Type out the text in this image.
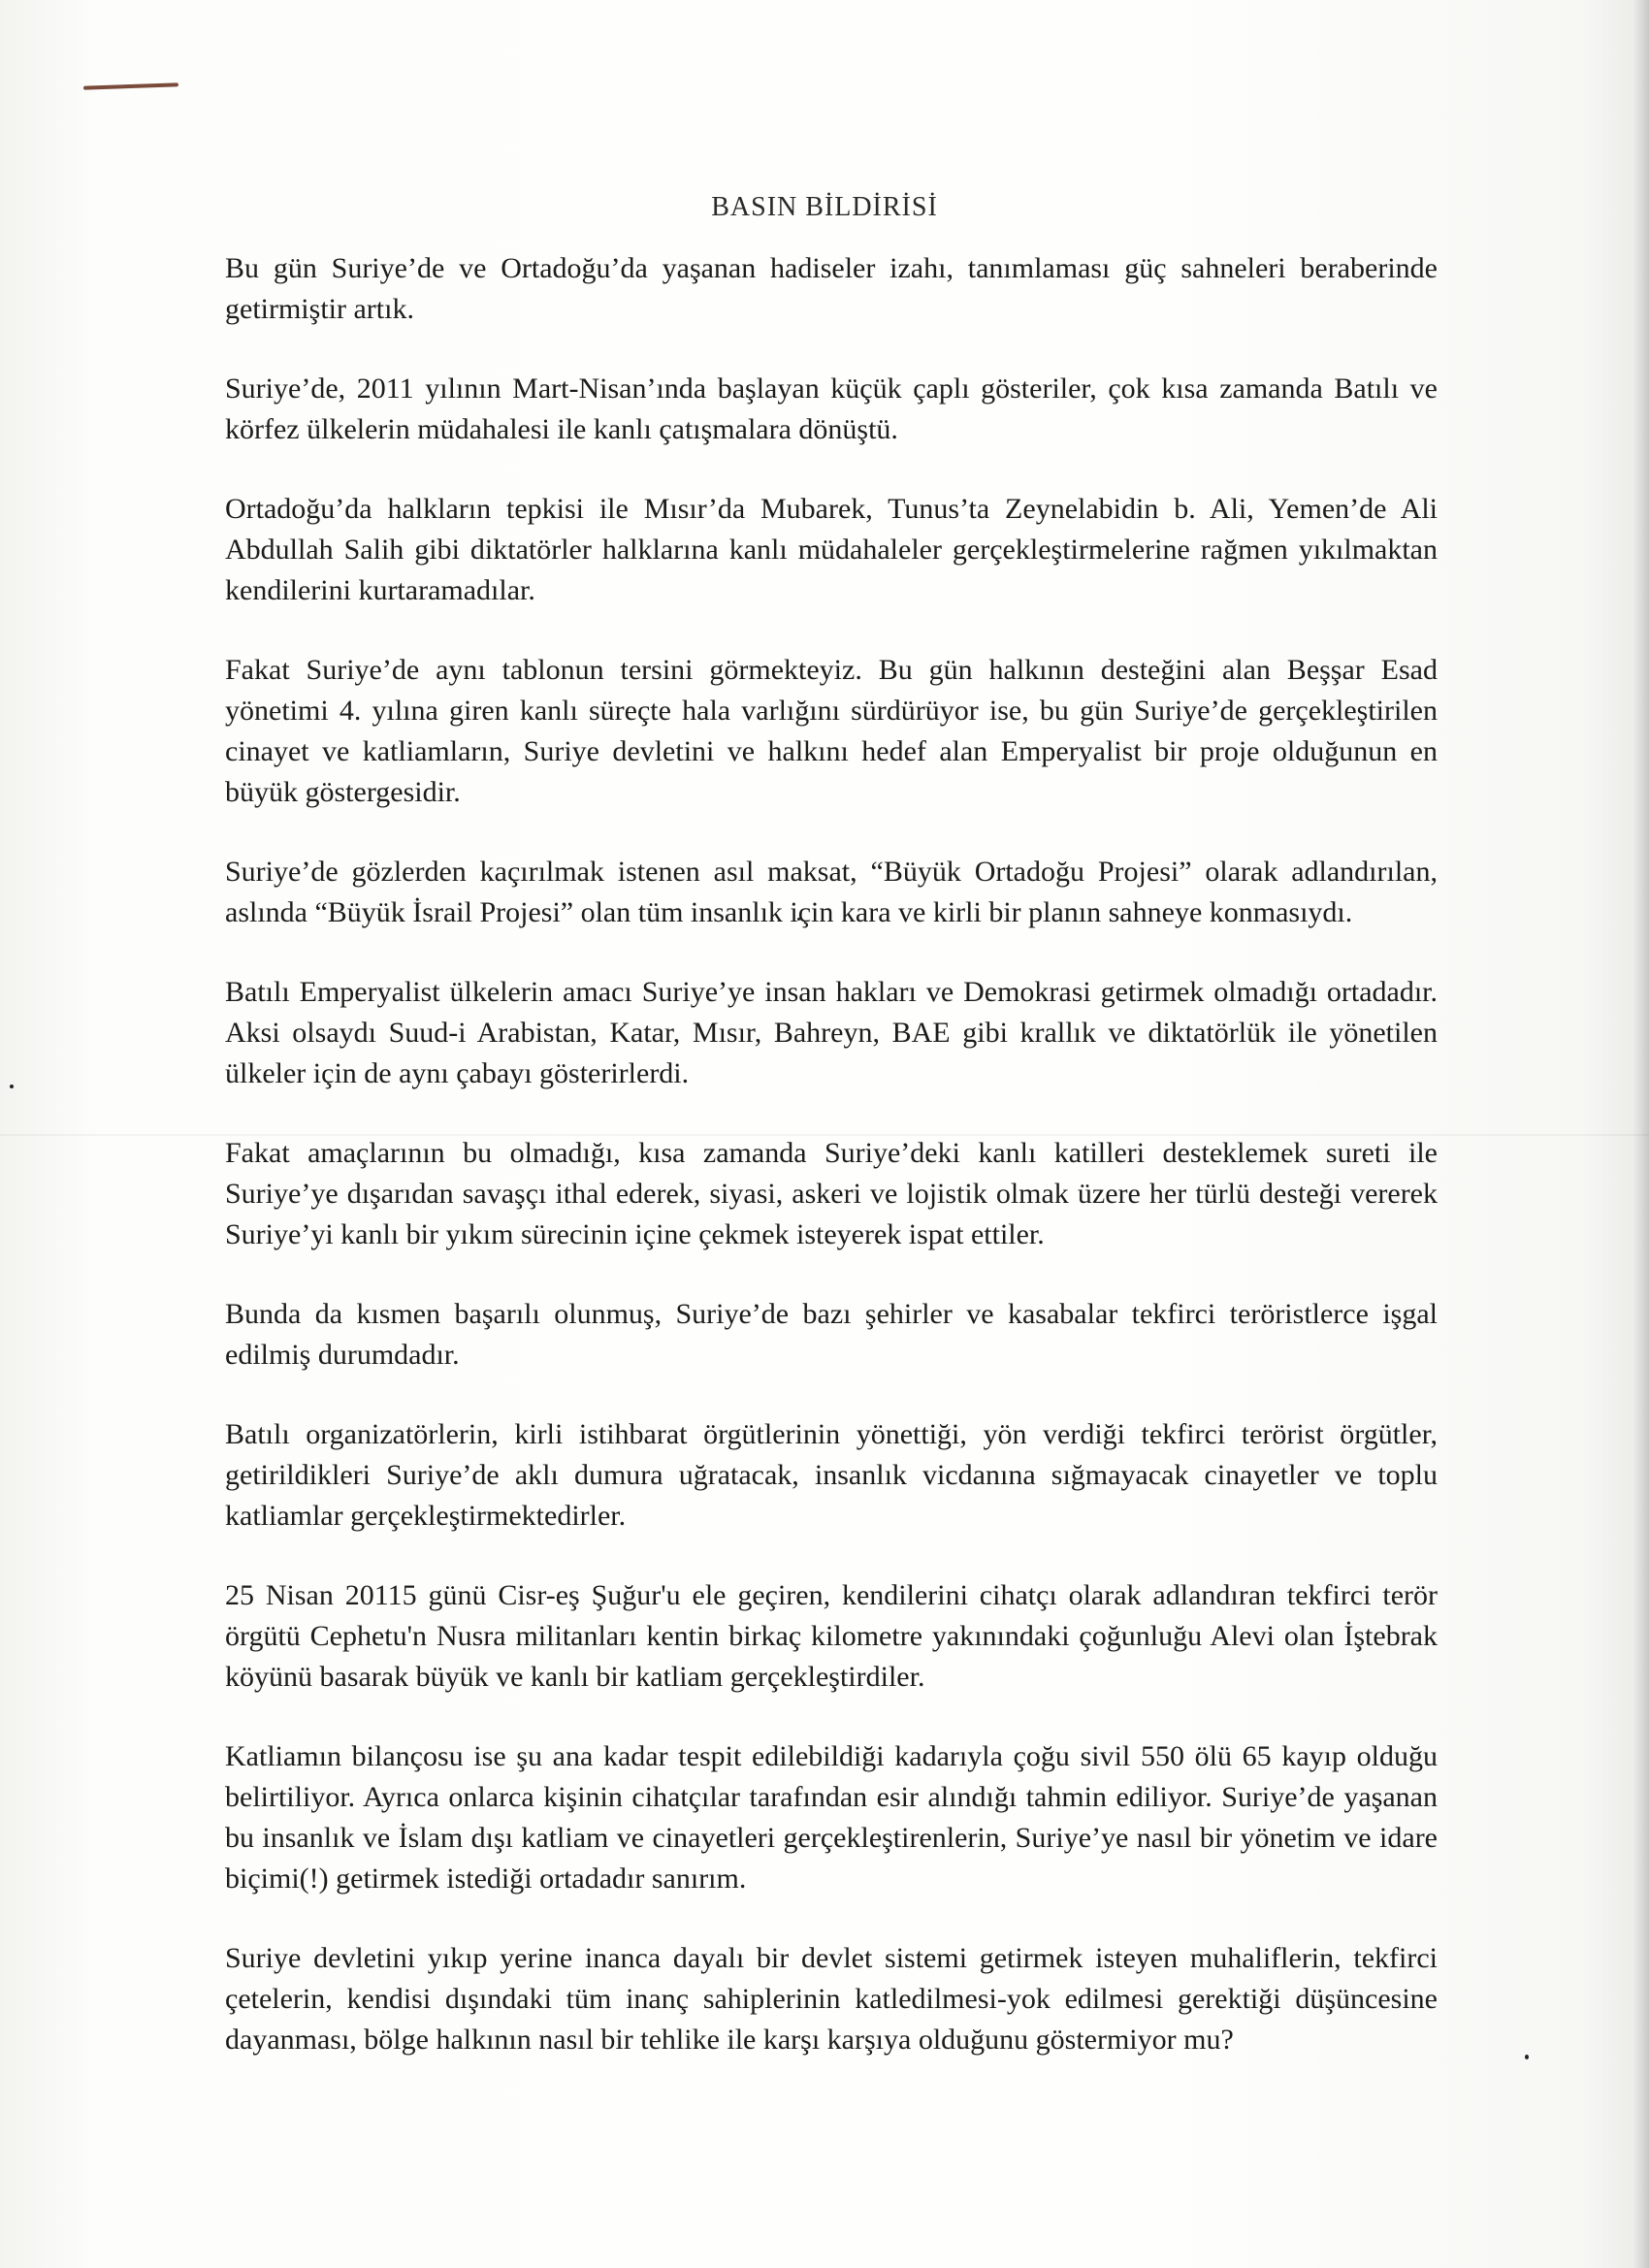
BASIN BİLDİRİSİ

Bu gün Suriye’de ve Ortadoğu’da yaşanan hadiseler izahı, tanımlaması güç sahneleri beraberinde getirmiştir artık.

Suriye’de, 2011 yılının Mart-Nisan’ında başlayan küçük çaplı gösteriler, çok kısa zamanda Batılı ve körfez ülkelerin müdahalesi ile kanlı çatışmalara dönüştü.

Ortadoğu’da halkların tepkisi ile Mısır’da Mubarek, Tunus’ta Zeynelabidin b. Ali, Yemen’de Ali Abdullah Salih gibi diktatörler halklarına kanlı müdahaleler gerçekleştirmelerine rağmen yıkılmaktan kendilerini kurtaramadılar.

Fakat Suriye’de aynı tablonun tersini görmekteyiz. Bu gün halkının desteğini alan Beşşar Esad yönetimi 4. yılına giren kanlı süreçte hala varlığını sürdürüyor ise, bu gün Suriye’de gerçekleştirilen cinayet ve katliamların, Suriye devletini ve halkını hedef alan Emperyalist bir proje olduğunun en büyük göstergesidir.

Suriye’de gözlerden kaçırılmak istenen asıl maksat, “Büyük Ortadoğu Projesi” olarak adlandırılan, aslında “Büyük İsrail Projesi” olan tüm insanlık için kara ve kirli bir planın sahneye konmasıydı.

Batılı Emperyalist ülkelerin amacı Suriye’ye insan hakları ve Demokrasi getirmek olmadığı ortadadır. Aksi olsaydı Suud-i Arabistan, Katar, Mısır, Bahreyn, BAE gibi krallık ve diktatörlük ile yönetilen ülkeler için de aynı çabayı gösterirlerdi.

Fakat amaçlarının bu olmadığı, kısa zamanda Suriye’deki kanlı katilleri desteklemek sureti ile Suriye’ye dışarıdan savaşçı ithal ederek, siyasi, askeri ve lojistik olmak üzere her türlü desteği vererek Suriye’yi kanlı bir yıkım sürecinin içine çekmek isteyerek ispat ettiler.

Bunda da kısmen başarılı olunmuş, Suriye’de bazı şehirler ve kasabalar tekfirci teröristlerce işgal edilmiş durumdadır.

Batılı organizatörlerin, kirli istihbarat örgütlerinin yönettiği, yön verdiği tekfirci terörist örgütler, getirildikleri Suriye’de aklı dumura uğratacak, insanlık vicdanına sığmayacak cinayetler ve toplu katliamlar gerçekleştirmektedirler.

25 Nisan 20115 günü Cisr-eş Şuğur'u ele geçiren, kendilerini cihatçı olarak adlandıran tekfirci terör örgütü Cephetu'n Nusra militanları kentin birkaç kilometre yakınındaki çoğunluğu Alevi olan İştebrak köyünü basarak büyük ve kanlı bir katliam gerçekleştirdiler.

Katliamın bilançosu ise şu ana kadar tespit edilebildiği kadarıyla çoğu sivil 550 ölü 65 kayıp olduğu belirtiliyor. Ayrıca onlarca kişinin cihatçılar tarafından esir alındığı tahmin ediliyor. Suriye’de yaşanan bu insanlık ve İslam dışı katliam ve cinayetleri gerçekleştirenlerin, Suriye’ye nasıl bir yönetim ve idare biçimi(!) getirmek istediği ortadadır sanırım.

Suriye devletini yıkıp yerine inanca dayalı bir devlet sistemi getirmek isteyen muhaliflerin, tekfirci çetelerin, kendisi dışındaki tüm inanç sahiplerinin katledilmesi-yok edilmesi gerektiği düşüncesine dayanması, bölge halkının nasıl bir tehlike ile karşı karşıya olduğunu göstermiyor mu?
